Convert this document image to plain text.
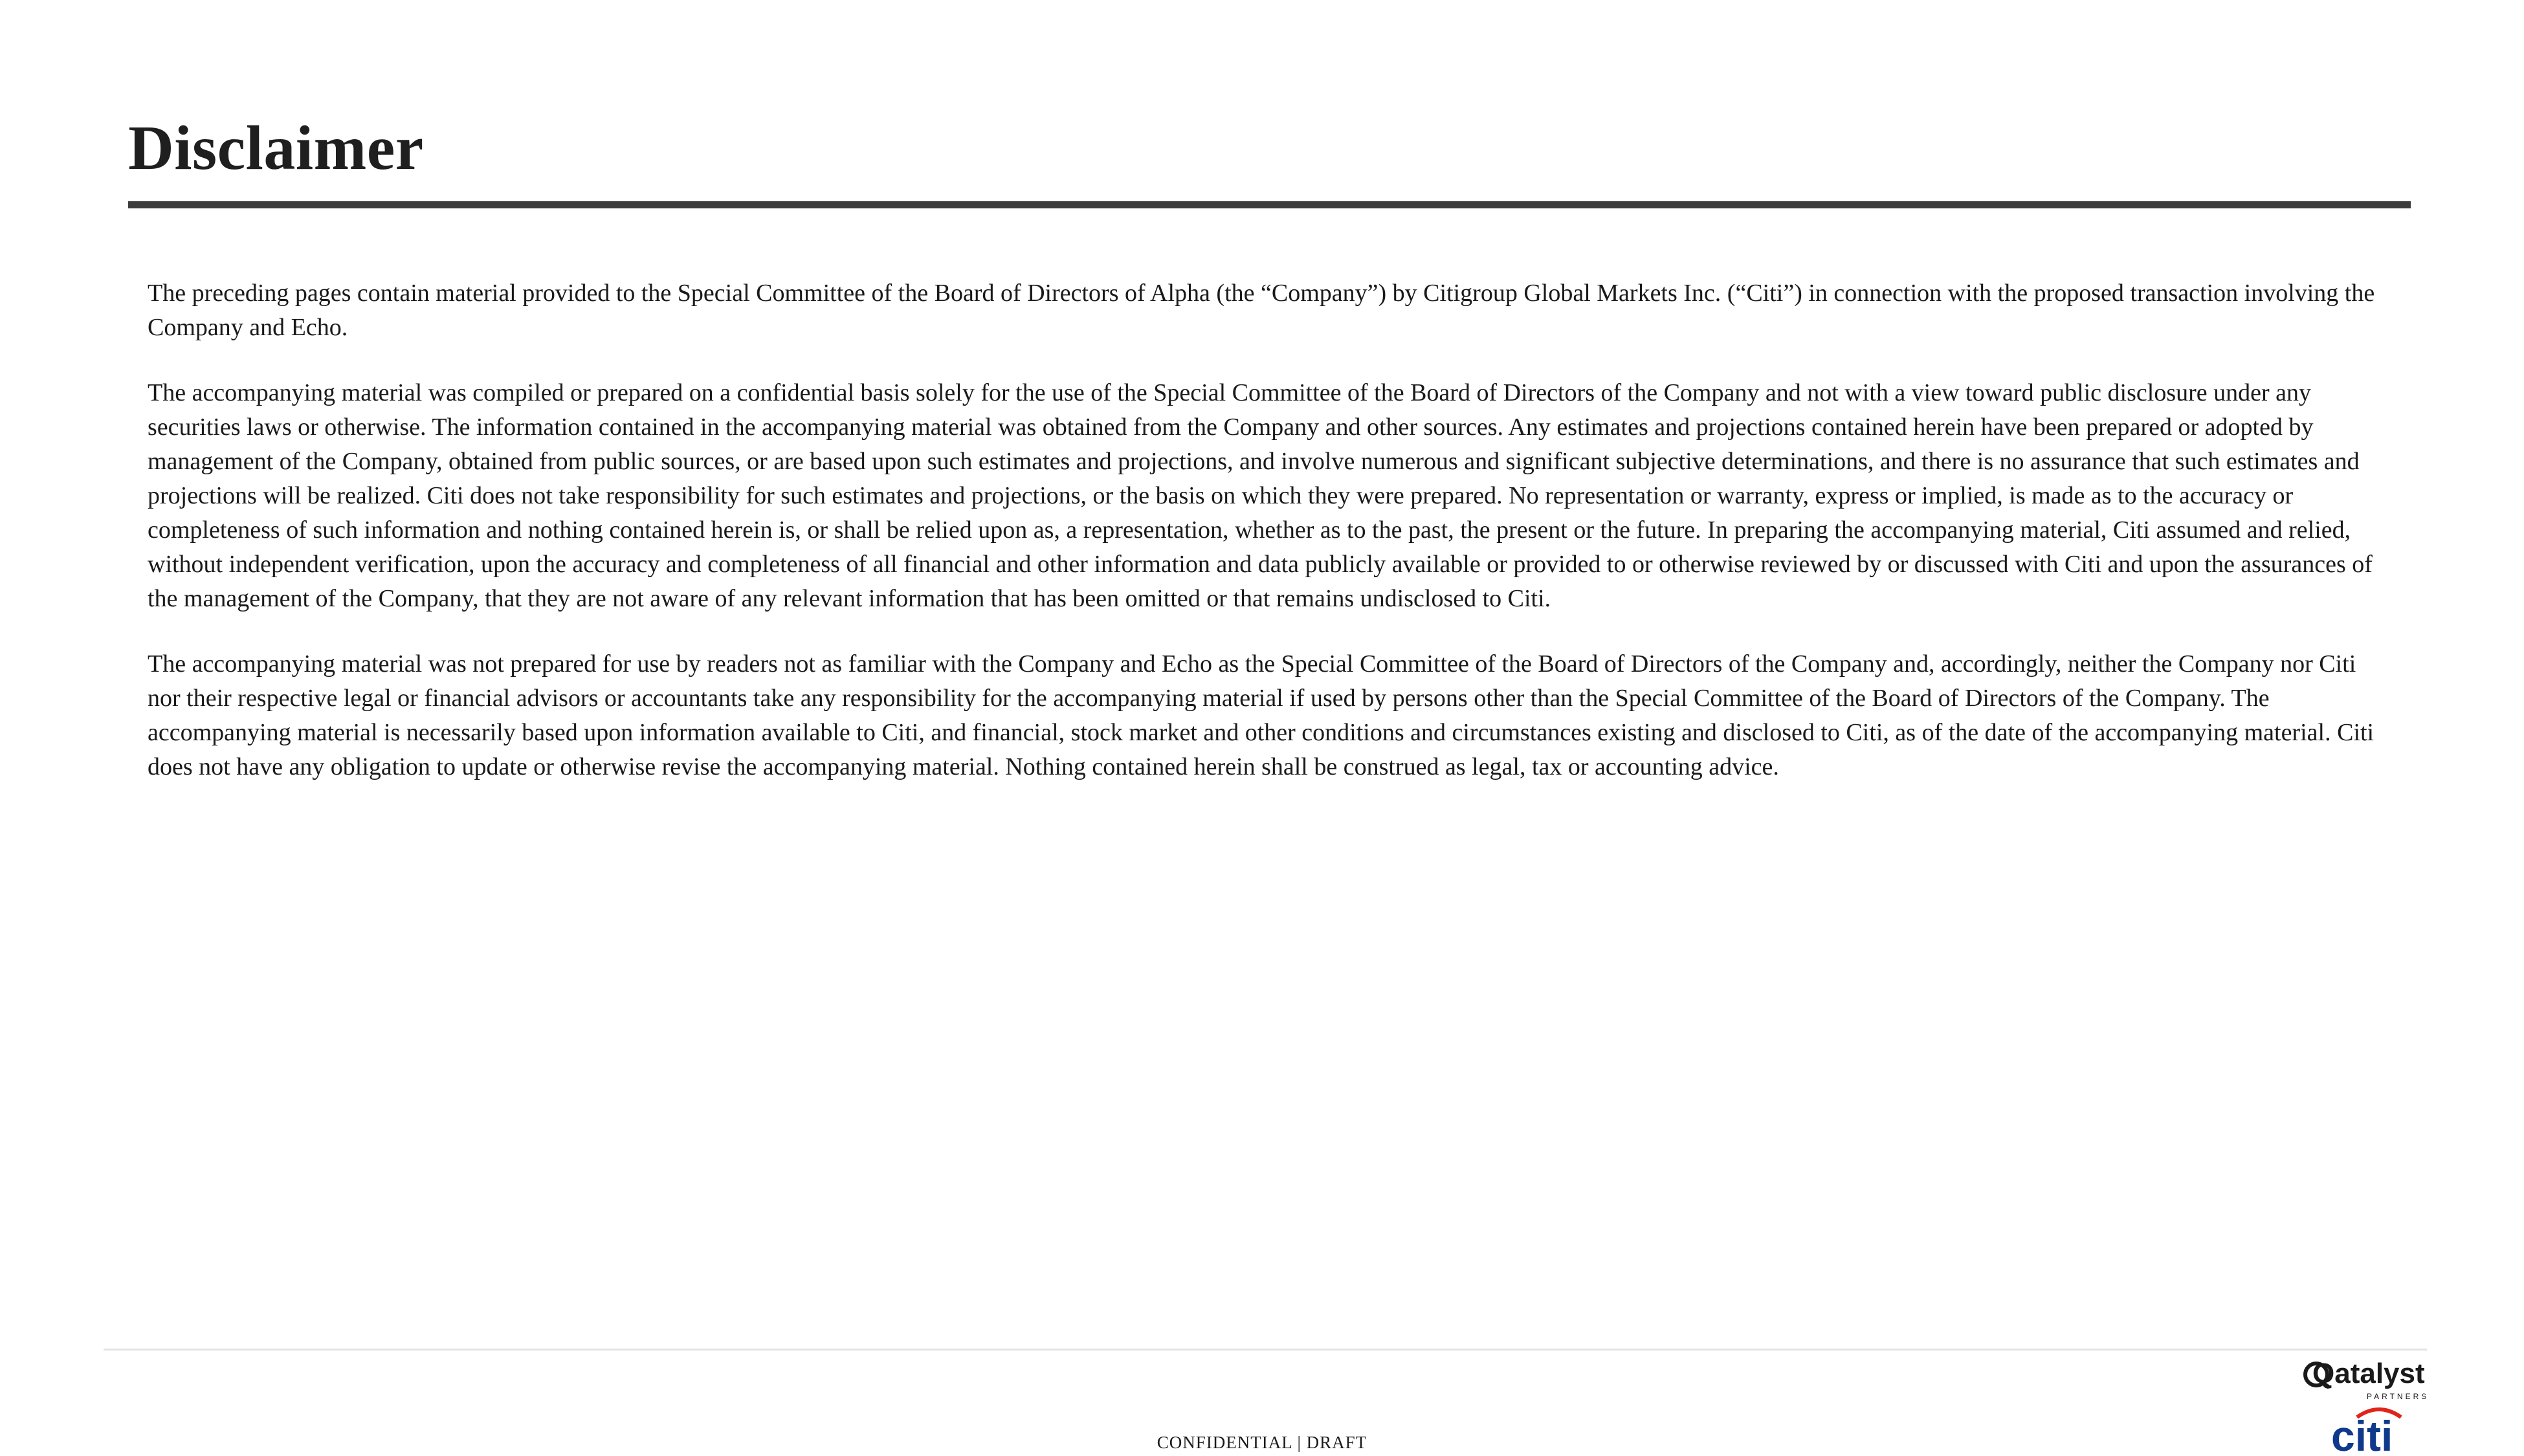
Disclaimer

The preceding pages contain material provided to the Special Committee of the Board of Directors of Alpha (the “Company”) by Citigroup Global Markets Inc. (“Citi”) in connection with the proposed transaction involving the Company and Echo.

The accompanying material was compiled or prepared on a confidential basis solely for the use of the Special Committee of the Board of Directors of the Company and not with a view toward public disclosure under any securities laws or otherwise. The information contained in the accompanying material was obtained from the Company and other sources. Any estimates and projections contained herein have been prepared or adopted by management of the Company, obtained from public sources, or are based upon such estimates and projections, and involve numerous and significant subjective determinations, and there is no assurance that such estimates and projections will be realized. Citi does not take responsibility for such estimates and projections, or the basis on which they were prepared. No representation or warranty, express or implied, is made as to the accuracy or completeness of such information and nothing contained herein is, or shall be relied upon as, a representation, whether as to the past, the present or the future. In preparing the accompanying material, Citi assumed and relied, without independent verification, upon the accuracy and completeness of all financial and other information and data publicly available or provided to or otherwise reviewed by or discussed with Citi and upon the assurances of the management of the Company, that they are not aware of any relevant information that has been omitted or that remains undisclosed to Citi.

The accompanying material was not prepared for use by readers not as familiar with the Company and Echo as the Special Committee of the Board of Directors of the Company and, accordingly, neither the Company nor Citi nor their respective legal or financial advisors or accountants take any responsibility for the accompanying material if used by persons other than the Special Committee of the Board of Directors of the Company. The accompanying material is necessarily based upon information available to Citi, and financial, stock market and other conditions and circumstances existing and disclosed to Citi, as of the date of the accompanying material. Citi does not have any obligation to update or otherwise revise the accompanying material. Nothing contained herein shall be construed as legal, tax or accounting advice.

Qatalyst
PARTNERS
citi
CONFIDENTIAL | DRAFT
